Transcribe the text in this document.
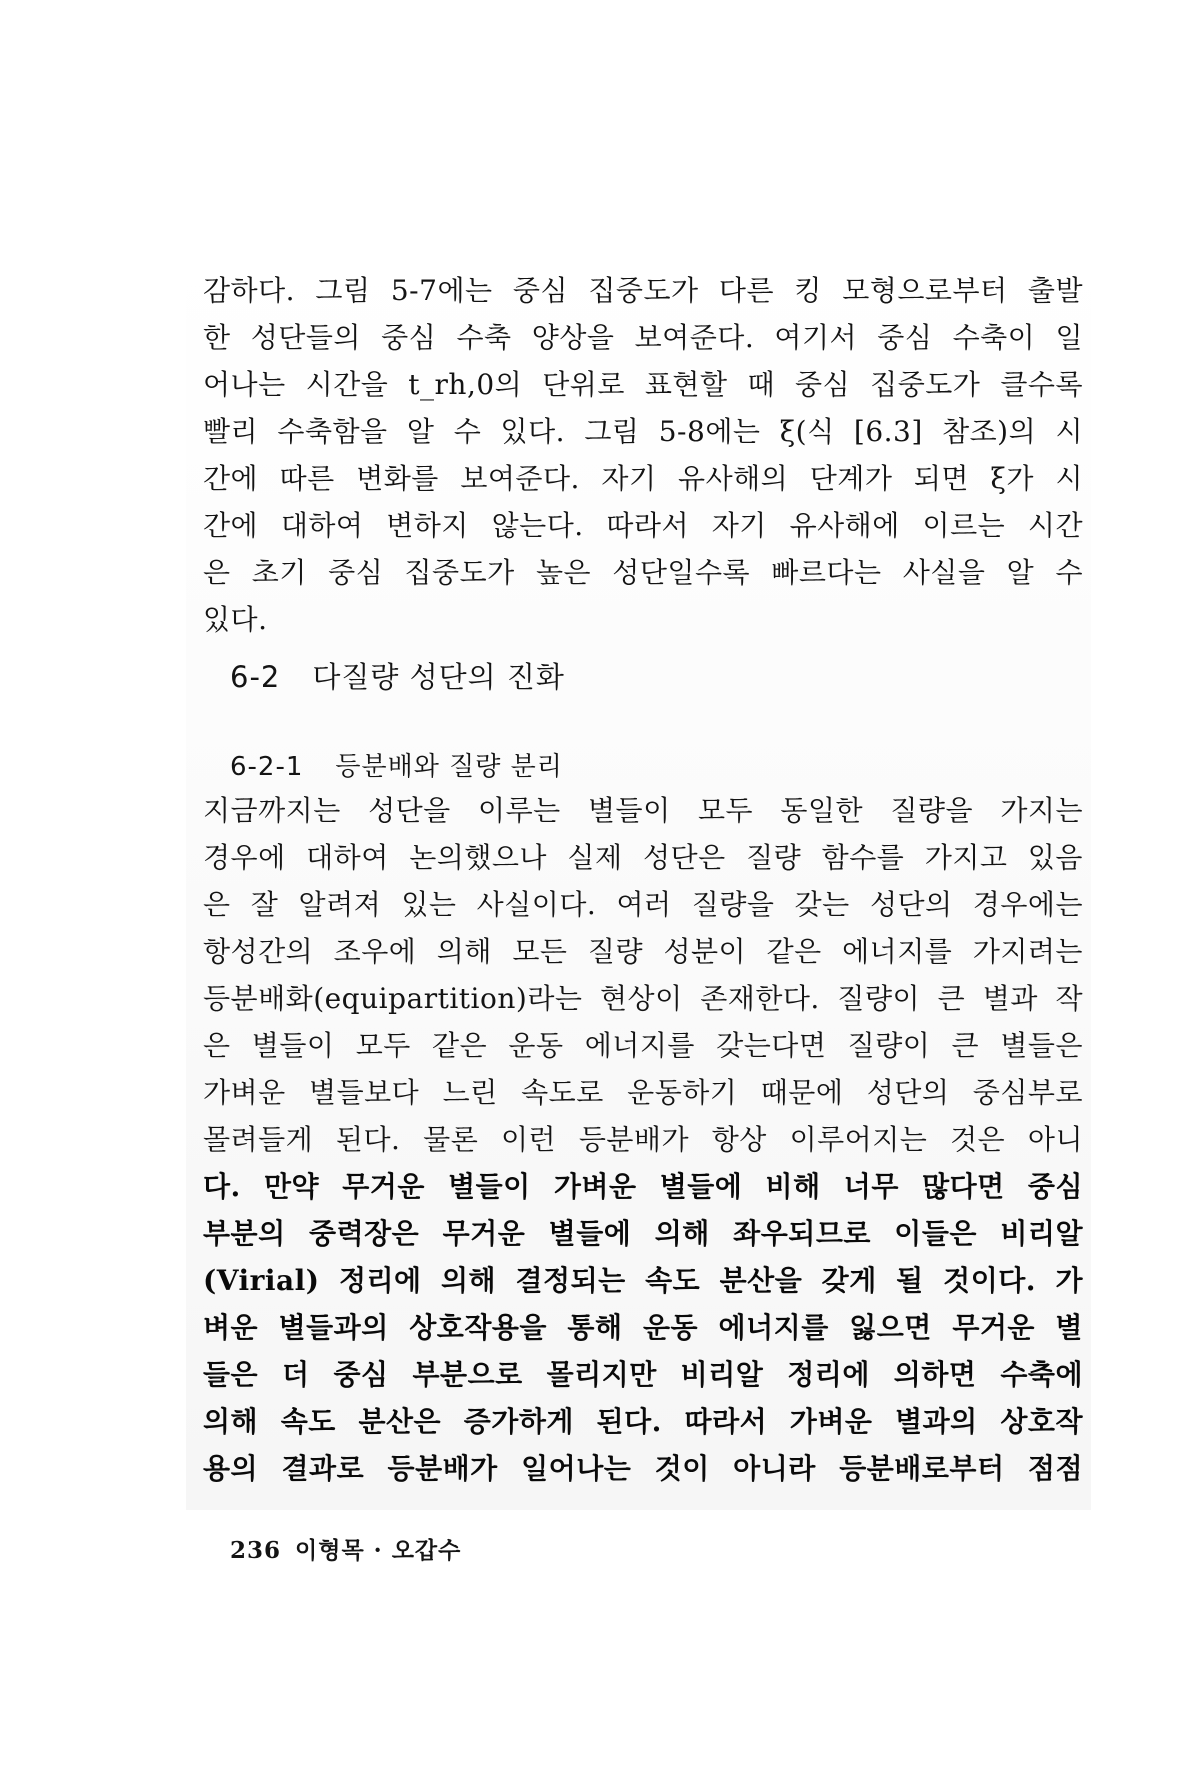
감하다. 그림 5-7에는 중심 집중도가 다른 킹 모형으로부터 출발
한 성단들의 중심 수축 양상을 보여준다. 여기서 중심 수축이 일
어나는 시간을 t_rh,0의 단위로 표현할 때 중심 집중도가 클수록
빨리 수축함을 알 수 있다. 그림 5-8에는 ξ(식 [6.3] 참조)의 시
간에 따른 변화를 보여준다. 자기 유사해의 단계가 되면 ξ가 시
간에 대하여 변하지 않는다. 따라서 자기 유사해에 이르는 시간
은 초기 중심 집중도가 높은 성단일수록 빠르다는 사실을 알 수
있다.
6-2 다질량 성단의 진화
6-2-1 등분배와 질량 분리
지금까지는 성단을 이루는 별들이 모두 동일한 질량을 가지는
경우에 대하여 논의했으나 실제 성단은 질량 함수를 가지고 있음
은 잘 알려져 있는 사실이다. 여러 질량을 갖는 성단의 경우에는
항성간의 조우에 의해 모든 질량 성분이 같은 에너지를 가지려는
등분배화(equipartition)라는 현상이 존재한다. 질량이 큰 별과 작
은 별들이 모두 같은 운동 에너지를 갖는다면 질량이 큰 별들은
가벼운 별들보다 느린 속도로 운동하기 때문에 성단의 중심부로
몰려들게 된다. 물론 이런 등분배가 항상 이루어지는 것은 아니
다. 만약 무거운 별들이 가벼운 별들에 비해 너무 많다면 중심
부분의 중력장은 무거운 별들에 의해 좌우되므로 이들은 비리알
(Virial) 정리에 의해 결정되는 속도 분산을 갖게 될 것이다. 가
벼운 별들과의 상호작용을 통해 운동 에너지를 잃으면 무거운 별
들은 더 중심 부분으로 몰리지만 비리알 정리에 의하면 수축에
의해 속도 분산은 증가하게 된다. 따라서 가벼운 별과의 상호작
용의 결과로 등분배가 일어나는 것이 아니라 등분배로부터 점점
236 이형목 · 오갑수
